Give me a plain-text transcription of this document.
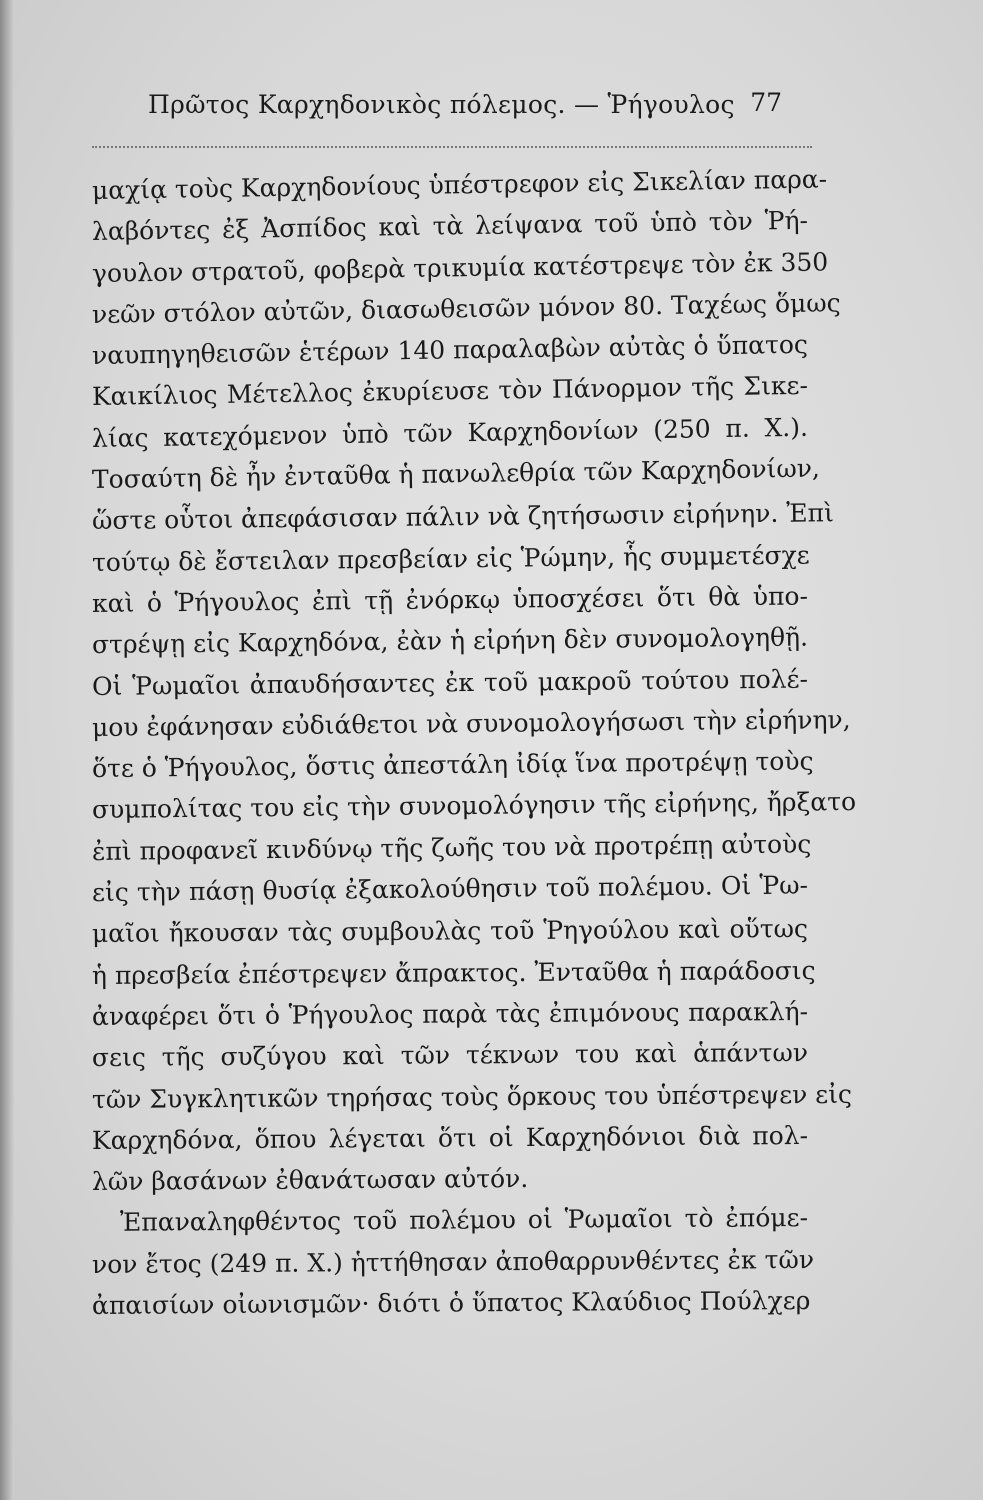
Πρῶτος Καρχηδονικὸς πόλεμος. — Ῥήγουλος 77
μαχίᾳ τοὺς Καρχηδονίους ὑπέστρεφον εἰς Σικελίαν παρα-
λαβόντες ἐξ Ἀσπίδος καὶ τὰ λείψανα τοῦ ὑπὸ τὸν Ῥή-
γουλον στρατοῦ, φοβερὰ τρικυμία κατέστρεψε τὸν ἐκ 350
νεῶν στόλον αὐτῶν, διασωθεισῶν μόνον 80. Ταχέως ὅμως
ναυπηγηθεισῶν ἑτέρων 140 παραλαβὼν αὐτὰς ὁ ὕπατος
Καικίλιος Μέτελλος ἐκυρίευσε τὸν Πάνορμον τῆς Σικε-
λίας κατεχόμενον ὑπὸ τῶν Καρχηδονίων (250 π. Χ.).
Τοσαύτη δὲ ἦν ἐνταῦθα ἡ πανωλεθρία τῶν Καρχηδονίων,
ὥστε οὗτοι ἀπεφάσισαν πάλιν νὰ ζητήσωσιν εἰρήνην. Ἐπὶ
τούτῳ δὲ ἔστειλαν πρεσβείαν εἰς Ῥώμην, ἧς συμμετέσχε
καὶ ὁ Ῥήγουλος ἐπὶ τῇ ἐνόρκῳ ὑποσχέσει ὅτι θὰ ὑπο-
στρέψῃ εἰς Καρχηδόνα, ἐὰν ἡ εἰρήνη δὲν συνομολογηθῇ.
Οἱ Ῥωμαῖοι ἀπαυδήσαντες ἐκ τοῦ μακροῦ τούτου πολέ-
μου ἐφάνησαν εὐδιάθετοι νὰ συνομολογήσωσι τὴν εἰρήνην,
ὅτε ὁ Ῥήγουλος, ὅστις ἀπεστάλη ἰδίᾳ ἵνα προτρέψῃ τοὺς
συμπολίτας του εἰς τὴν συνομολόγησιν τῆς εἰρήνης, ἤρξατο
ἐπὶ προφανεῖ κινδύνῳ τῆς ζωῆς του νὰ προτρέπῃ αὐτοὺς
εἰς τὴν πάσῃ θυσίᾳ ἐξακολούθησιν τοῦ πολέμου. Οἱ Ῥω-
μαῖοι ἤκουσαν τὰς συμβουλὰς τοῦ Ῥηγούλου καὶ οὕτως
ἡ πρεσβεία ἐπέστρεψεν ἄπρακτος. Ἐνταῦθα ἡ παράδοσις
ἀναφέρει ὅτι ὁ Ῥήγουλος παρὰ τὰς ἐπιμόνους παρακλή-
σεις τῆς συζύγου καὶ τῶν τέκνων του καὶ ἁπάντων
τῶν Συγκλητικῶν τηρήσας τοὺς ὅρκους του ὑπέστρεψεν εἰς
Καρχηδόνα, ὅπου λέγεται ὅτι οἱ Καρχηδόνιοι διὰ πολ-
λῶν βασάνων ἐθανάτωσαν αὐτόν.
Ἐπαναληφθέντος τοῦ πολέμου οἱ Ῥωμαῖοι τὸ ἐπόμε-
νον ἔτος (249 π. Χ.) ἡττήθησαν ἀποθαρρυνθέντες ἐκ τῶν
ἀπαισίων οἰωνισμῶν· διότι ὁ ὕπατος Κλαύδιος Πούλχερ
